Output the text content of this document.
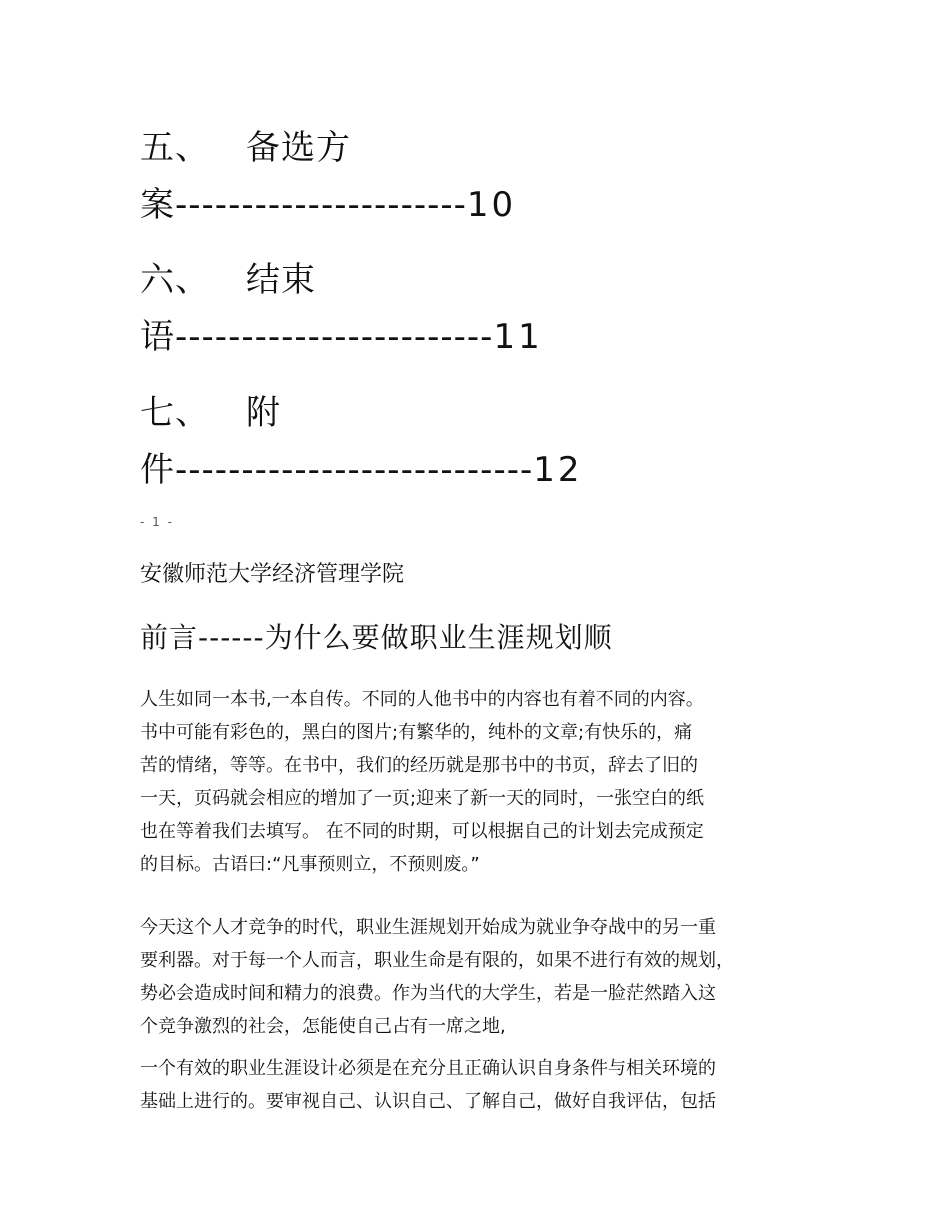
五、 备选方
案----------------------10
六、 结束
语------------------------11
七、 附
件---------------------------12
- 1 -
安徽师范大学经济管理学院
前言------为什么要做职业生涯规划顺
人生如同一本书,一本自传。不同的人他书中的内容也有着不同的内容。
书中可能有彩色的，黑白的图片;有繁华的，纯朴的文章;有快乐的，痛
苦的情绪，等等。在书中，我们的经历就是那书中的书页，辞去了旧的
一天，页码就会相应的增加了一页;迎来了新一天的同时，一张空白的纸
也在等着我们去填写。 在不同的时期，可以根据自己的计划去完成预定
的目标。古语曰:“凡事预则立，不预则废。”
今天这个人才竞争的时代，职业生涯规划开始成为就业争夺战中的另一重
要利器。对于每一个人而言，职业生命是有限的，如果不进行有效的规划，
势必会造成时间和精力的浪费。作为当代的大学生，若是一脸茫然踏入这
个竞争激烈的社会，怎能使自己占有一席之地,
一个有效的职业生涯设计必须是在充分且正确认识自身条件与相关环境的
基础上进行的。要审视自己、认识自己、了解自己，做好自我评估，包括
